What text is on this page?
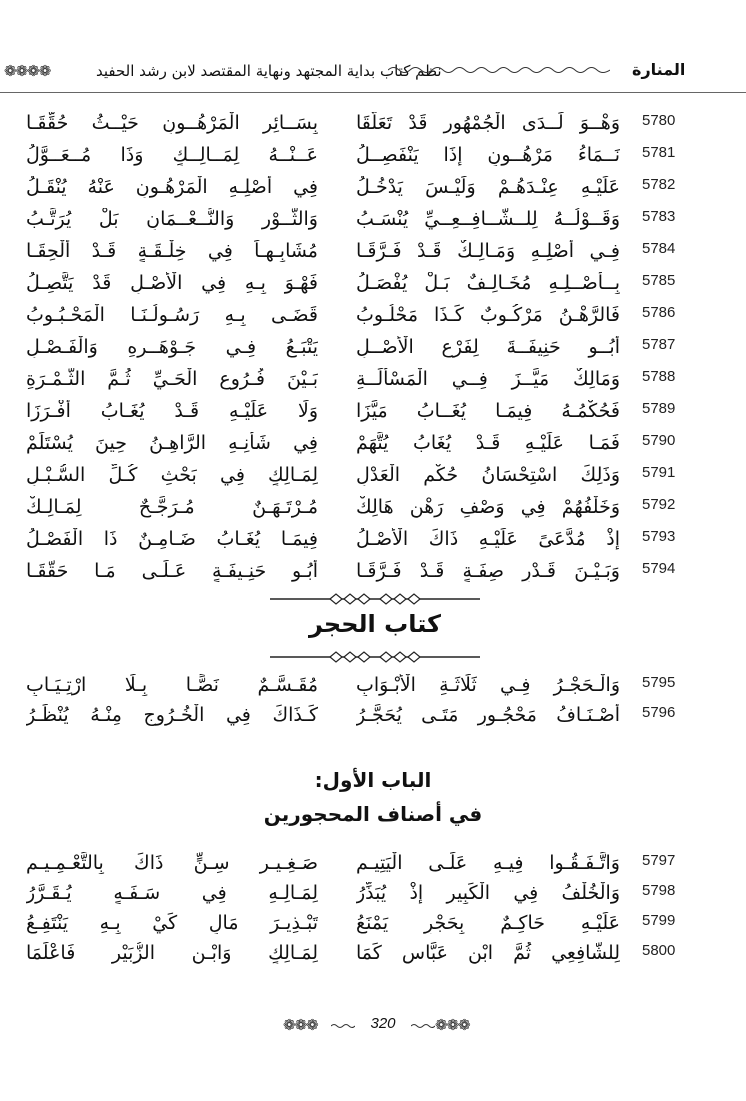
❁❁❁❁	نظم كتاب بداية المجتهد ونهاية المقتصد لابن رشد الحفيد	المنارة
5780
وَهْــوَ لَــدَى الْجُمْهُورِ قَدْ تَعَلَّقَا
بِسَــائِرِ الْمَرْهُــونِ حَيْــثُ حُقِّقَـا
5781
نَــمَاءُ مَرْهُــونٍ إِذَا يَنْفَصِــلُ
عَــنْــهُ لِمَــالِــكٍ وَذَا مُــعَــوَّلُ
5782
عَلَيْـهِ عِنْـدَهُـمْ وَلَيْـسَ يَدْخُـلُ
فِي أَصْلِـهِ الْمَرْهُـونِ عَنْهُ يُنْقَـلُ
5783
وَقَــوْلُــهُ لِلــشَّــافِــعِــيِّ يُنْسَـبُ
وَالثَّــوْرِ وَالنُّــعْــمَانِ بَلْ يُرَتَّـبُ
5784
فِـي أَصْلِـهِ وَمَـالِـكٌ قَـدْ فَـرَّقَـا
مُشَابِـهـاً فِي خِلْـقَـةٍ قَـدْ أُلْحِقَـا
5785
بِــأَصْــلِـهِ مُخَـالِـفٌ بَـلْ يُفْصَـلُ
فَهْـوَ بِـهِ فِي الْأَصْـلِ قَدْ يَتَّصِـلُ
5786
فَالرَّهْـنُ مَرْكُـوبٌ كَـذَا مَحْلُـوبُ
قَضَـى بِـهِ رَسُـولُـنَـا الْمَحْـبُـوبُ
5787
أَبُــو حَنِيفَــةَ لِفَرْعِ الْأَصْــلِ
يَتْبَـعُ فِـي جَـوْهَــرِهِ وَالْفَـصْـلِ
5788
وَمَالِكٌ مَيَّــزَ فِــي الْمَسْأَلَــةِ
بَـيْنَ فُـرُوعِ الْحَـيِّ ثُـمَّ الثَّـمْـرَةِ
5789
فَحُكْمُـهُ فِيمَـا يُغَــابُ مَيَّزَا
وَلَا عَلَيْـهِ قَـدْ يُغَـابُ أَفْـرَزَا
5790
فَمَـا عَلَيْـهِ قَـدْ يُغَابُ يُتَّهَمْ
فِي شَأْنِـهِ الرَّاهِـنُ حِينَ يُسْتَلَمْ
5791
وَذَلِكَ اسْتِحْسَانُ حُكْمِ الْعَدْلِ
لِمَـالِكٍ فِي بَحْثِ كُـلِّ السُّـبْـلِ
5792
وَخَلْفُهُمْ فِي وَصْفِ رَهْنٍ هَالِكْ
مُـرْتَـهَـنٌ مُـرَجَّـحٌ لِمَـالِـكْ
5793
إِذْ مُدَّعَىً عَلَيْـهِ ذَاكَ الْأَصْـلُ
فِيمَـا يُغَـابُ ضَـامِـنٌ ذَا الْفَصْـلُ
5794
وَبَـيْـنَ قَـدْرٍ صِفَـةٍ قَـدْ فَـرَّقَـا
أَبُـو حَنِـيفَـةٍ عَـلَـى مَـا حَقَّقَـا
كتاب الحجر
5795
وَالْـحَجْـرُ فِـي ثَلَاثَـةِ الْأَبْـوَابِ
مُقَـسَّـمٌ نَصًّـا بِـلَا ارْتِـيَـابِ
5796
أَصْـنَـافُ مَحْجُـورٍ مَتَـى يُحَجَّـرُ
كَـذَاكَ فِي الْخُـرُوجِ مِنْـهُ يُنْظَـرُ
الباب الأول:
في أصناف المحجورين
5797
وَاتَّـفَـقُـوا فِيـهِ عَلَـى الْيَتِيـمِ
صَـغِـيـرِ سِـنٍّ ذَاكَ بِالتَّعْـمِـيـمِ
5798
وَالْخُلْفُ فِي الْكَبِيرِ إِذْ يُبَذِّرُ
لِمَـالِـهِ فِي سَـفَـهٍ يُـقَـرَّرُ
5799
عَلَيْـهِ حَاكِـمٌ بِحَجْرٍ يَمْنَعُ
تَبْـذِيـرَ مَالٍ كَيْ بِـهِ يَنْتَفِـعُ
5800
لِلشَّافِعِي ثُمَّ ابْنِ عَبَّاسٍ كَمَا
لِمَـالِكٍ وَابْـنِ الزُّبَيْرِ فَاعْلَمَا
❁❁❁	320	❁❁❁
